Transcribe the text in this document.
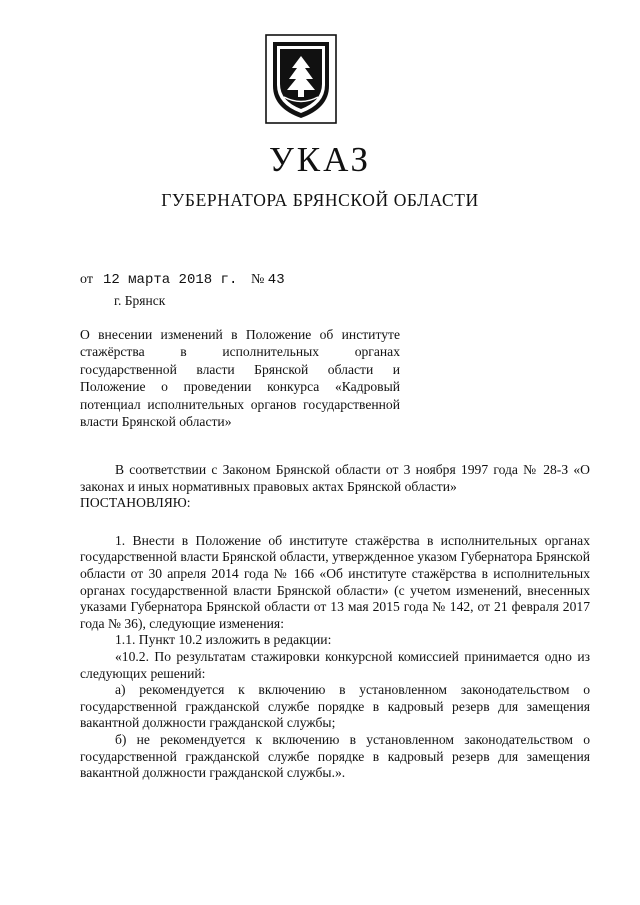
УКАЗ
ГУБЕРНАТОРА БРЯНСКОЙ ОБЛАСТИ
от 12 марта 2018 г. № 43
г. Брянск
О внесении изменений в Положение об институте стажёрства в исполнительных органах государственной власти Брянской области и Положение о проведении конкурса «Кадровый потенциал исполнительных органов государственной власти Брянской области»

В соответствии с Законом Брянской области от 3 ноября 1997 года № 28-З «О законах и иных нормативных правовых актах Брянской области»

ПОСТАНОВЛЯЮ:

1. Внести в Положение об институте стажёрства в исполнительных органах государственной власти Брянской области, утвержденное указом Губернатора Брянской области от 30 апреля 2014 года № 166 «Об институте стажёрства в исполнительных органах государственной власти Брянской области» (с учетом изменений, внесенных указами Губернатора Брянской области от 13 мая 2015 года № 142, от 21 февраля 2017 года № 36), следующие изменения:

1.1. Пункт 10.2 изложить в редакции:

«10.2. По результатам стажировки конкурсной комиссией принимается одно из следующих решений:

а) рекомендуется к включению в установленном законодательством о государственной гражданской службе порядке в кадровый резерв для замещения вакантной должности гражданской службы;

б) не рекомендуется к включению в установленном законодательством о государственной гражданской службе порядке в кадровый резерв для замещения вакантной должности гражданской службы.».
